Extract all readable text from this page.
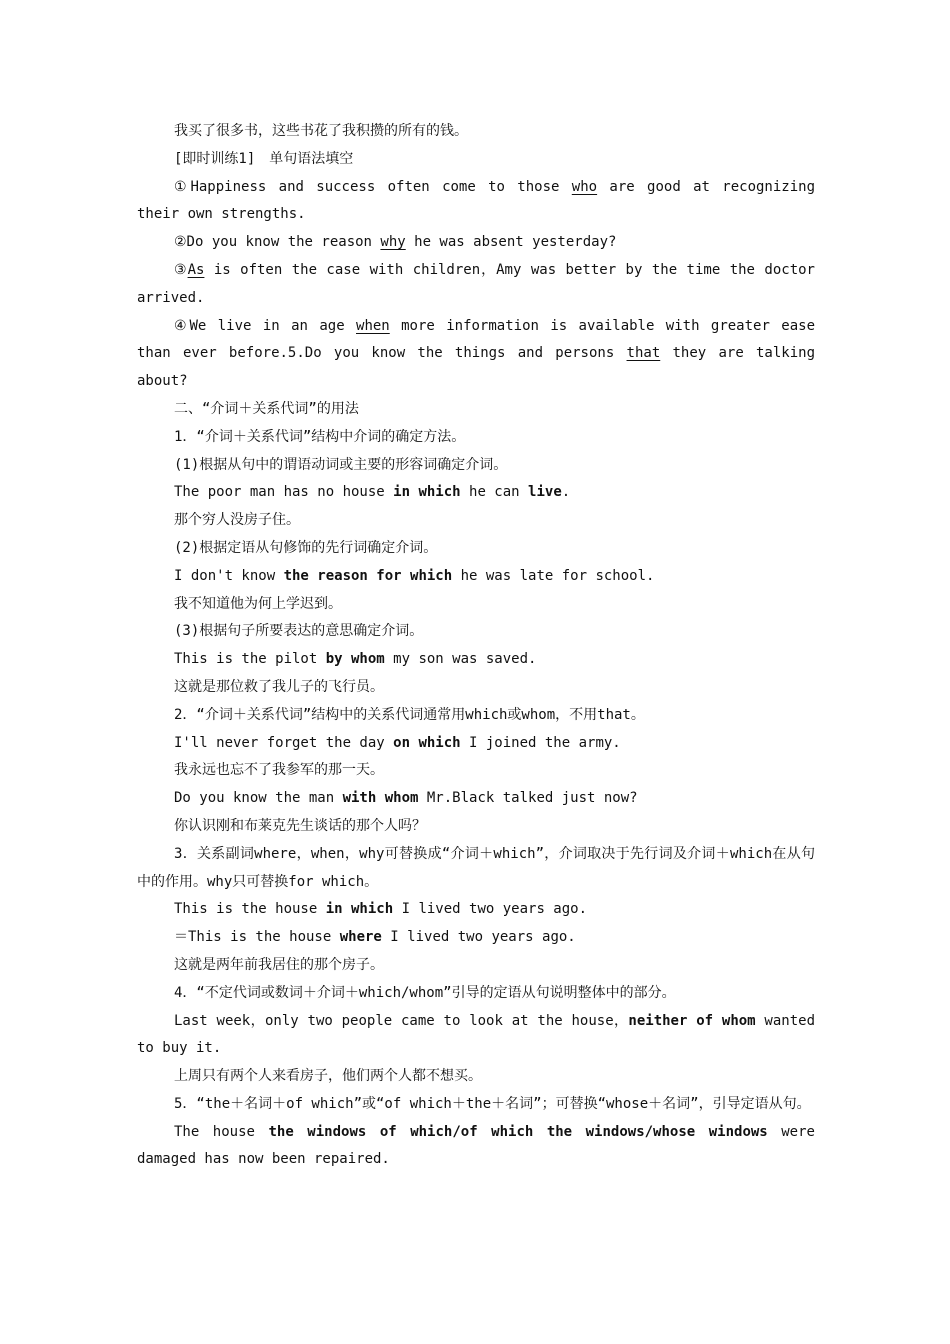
我买了很多书，这些书花了我积攒的所有的钱。

[即时训练1]　单句语法填空

①Happiness and success often come to those who are good at recognizing their own strengths.

②Do you know the reason why he was absent yesterday?

③As is often the case with children，Amy was better by the time the doctor arrived.

④We live in an age when more information is available with greater ease than ever before.5.Do you know the things and persons that they are talking about?

二、“介词＋关系代词”的用法

1．“介词＋关系代词”结构中介词的确定方法。

(1)根据从句中的谓语动词或主要的形容词确定介词。

The poor man has no house in which he can live.

那个穷人没房子住。

(2)根据定语从句修饰的先行词确定介词。

I don't know the reason for which he was late for school.

我不知道他为何上学迟到。

(3)根据句子所要表达的意思确定介词。

This is the pilot by whom my son was saved.

这就是那位救了我儿子的飞行员。

2．“介词＋关系代词”结构中的关系代词通常用which或whom，不用that。

I'll never forget the day on which I joined the army.

我永远也忘不了我参军的那一天。

Do you know the man with whom Mr.Black talked just now?

你认识刚和布莱克先生谈话的那个人吗？

3．关系副词where，when，why可替换成“介词＋which”，介词取决于先行词及介词＋which在从句中的作用。why只可替换for which。

This is the house in which I lived two years ago.

＝This is the house where I lived two years ago.

这就是两年前我居住的那个房子。

4．“不定代词或数词＋介词＋which/whom”引导的定语从句说明整体中的部分。

Last week，only two people came to look at the house，neither of whom wanted to buy it.

上周只有两个人来看房子，他们两个人都不想买。

5．“the＋名词＋of which”或“of which＋the＋名词”；可替换“whose＋名词”，引导定语从句。

The house the windows of which/of which the windows/whose windows were damaged has now been repaired.
